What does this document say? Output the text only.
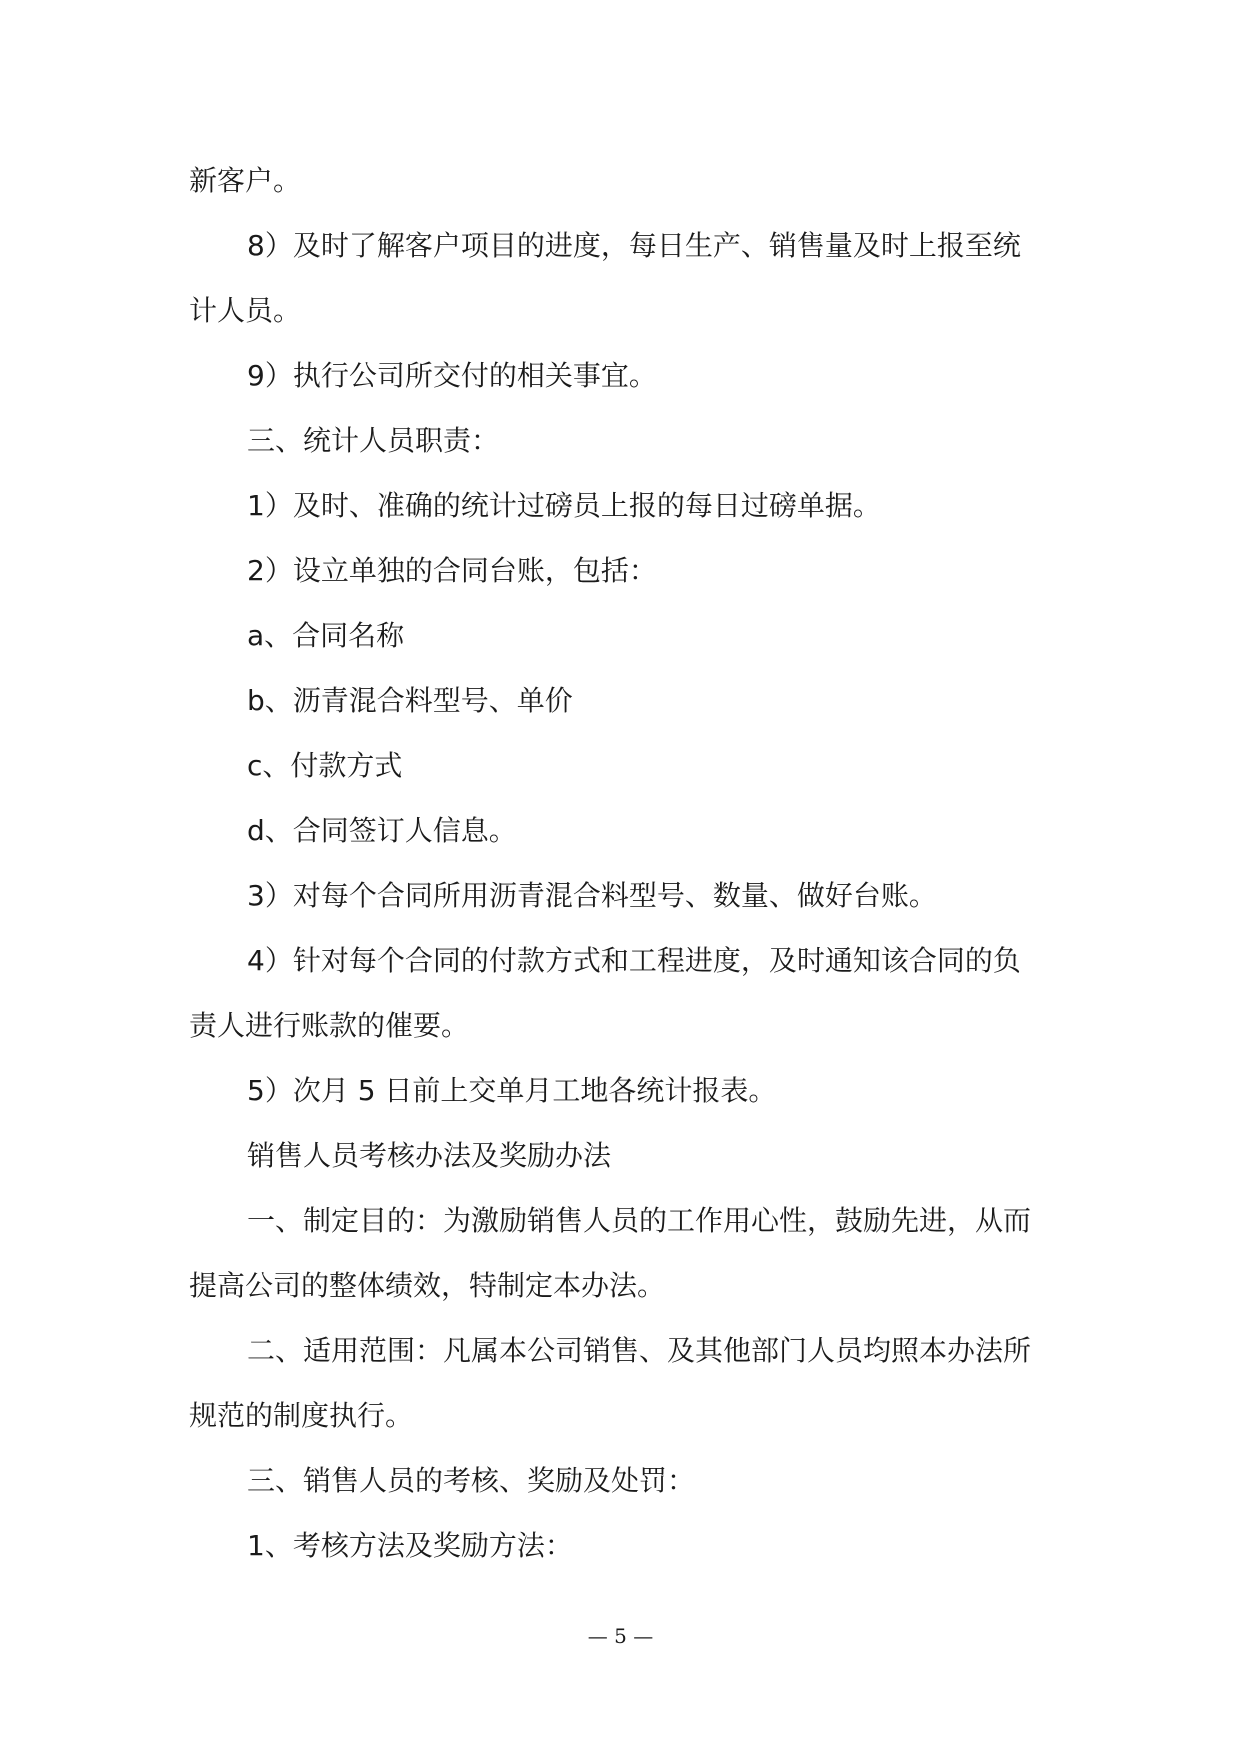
新客户。
8）及时了解客户项目的进度，每日生产、销售量及时上报至统
计人员。
9）执行公司所交付的相关事宜。
三、统计人员职责：
1）及时、准确的统计过磅员上报的每日过磅单据。
2）设立单独的合同台账，包括：
a、合同名称
b、沥青混合料型号、单价
c、付款方式
d、合同签订人信息。
3）对每个合同所用沥青混合料型号、数量、做好台账。
4）针对每个合同的付款方式和工程进度，及时通知该合同的负
责人进行账款的催要。
5）次月 5 日前上交单月工地各统计报表。
销售人员考核办法及奖励办法
一、制定目的：为激励销售人员的工作用心性，鼓励先进，从而
提高公司的整体绩效，特制定本办法。
二、适用范围：凡属本公司销售、及其他部门人员均照本办法所
规范的制度执行。
三、销售人员的考核、奖励及处罚：
1、考核方法及奖励方法：
— 5 —
